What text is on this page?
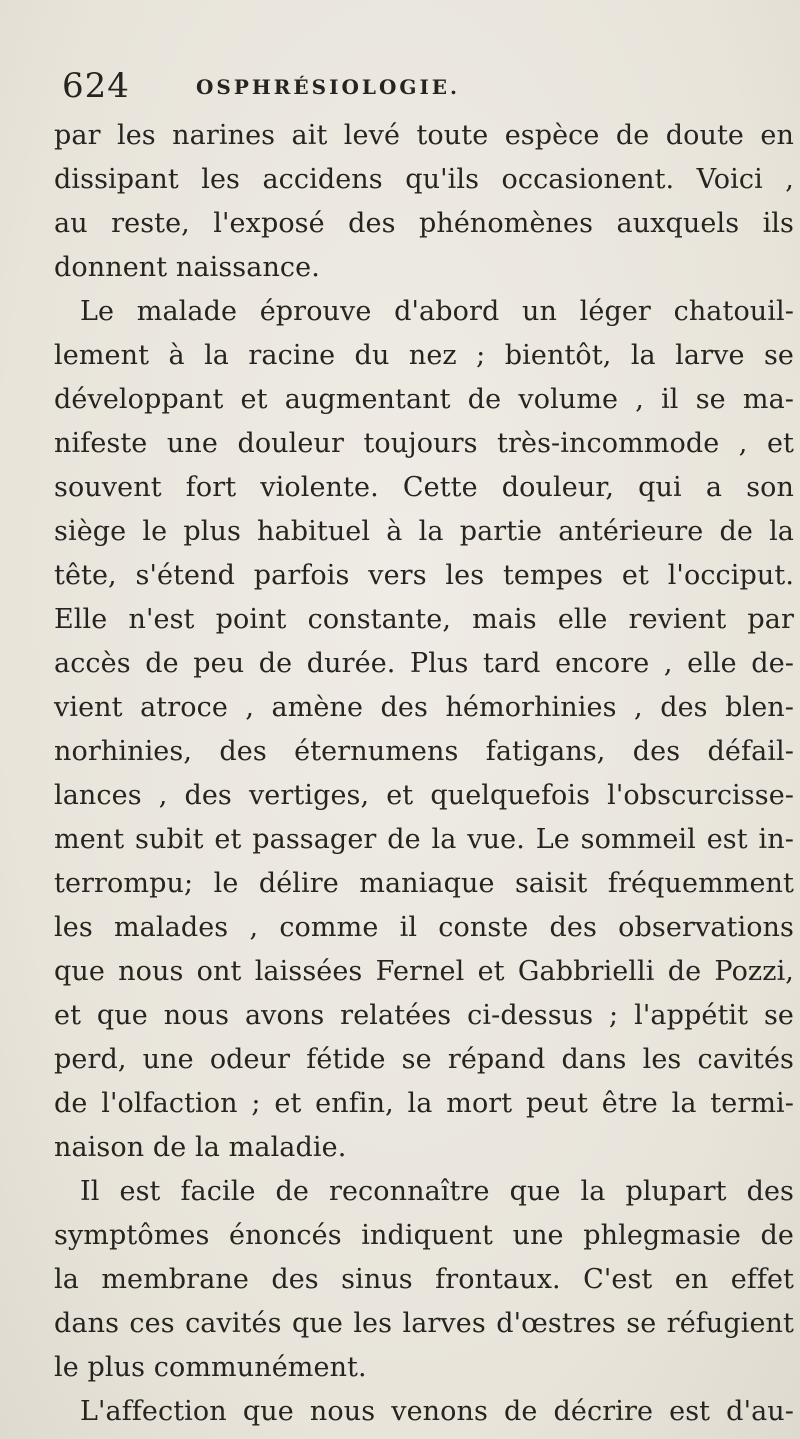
624	OSPHRÉSIOLOGIE.
par les narines ait levé toute espèce de doute en
dissipant les accidens qu'ils occasionent. Voici ,
au reste, l'exposé des phénomènes auxquels ils
donnent naissance.
Le malade éprouve d'abord un léger chatouil-
lement à la racine du nez ; bientôt, la larve se
développant et augmentant de volume , il se ma-
nifeste une douleur toujours très-incommode , et
souvent fort violente. Cette douleur, qui a son
siège le plus habituel à la partie antérieure de la
tête, s'étend parfois vers les tempes et l'occiput.
Elle n'est point constante, mais elle revient par
accès de peu de durée. Plus tard encore , elle de-
vient atroce , amène des hémorhinies , des blen-
norhinies, des éternumens fatigans, des défail-
lances , des vertiges, et quelquefois l'obscurcisse-
ment subit et passager de la vue. Le sommeil est in-
terrompu; le délire maniaque saisit fréquemment
les malades , comme il conste des observations
que nous ont laissées Fernel et Gabbrielli de Pozzi,
et que nous avons relatées ci-dessus ; l'appétit se
perd, une odeur fétide se répand dans les cavités
de l'olfaction ; et enfin, la mort peut être la termi-
naison de la maladie.
Il est facile de reconnaître que la plupart des
symptômes énoncés indiquent une phlegmasie de
la membrane des sinus frontaux. C'est en effet
dans ces cavités que les larves d'œstres se réfugient
le plus communément.
L'affection que nous venons de décrire est d'au-
